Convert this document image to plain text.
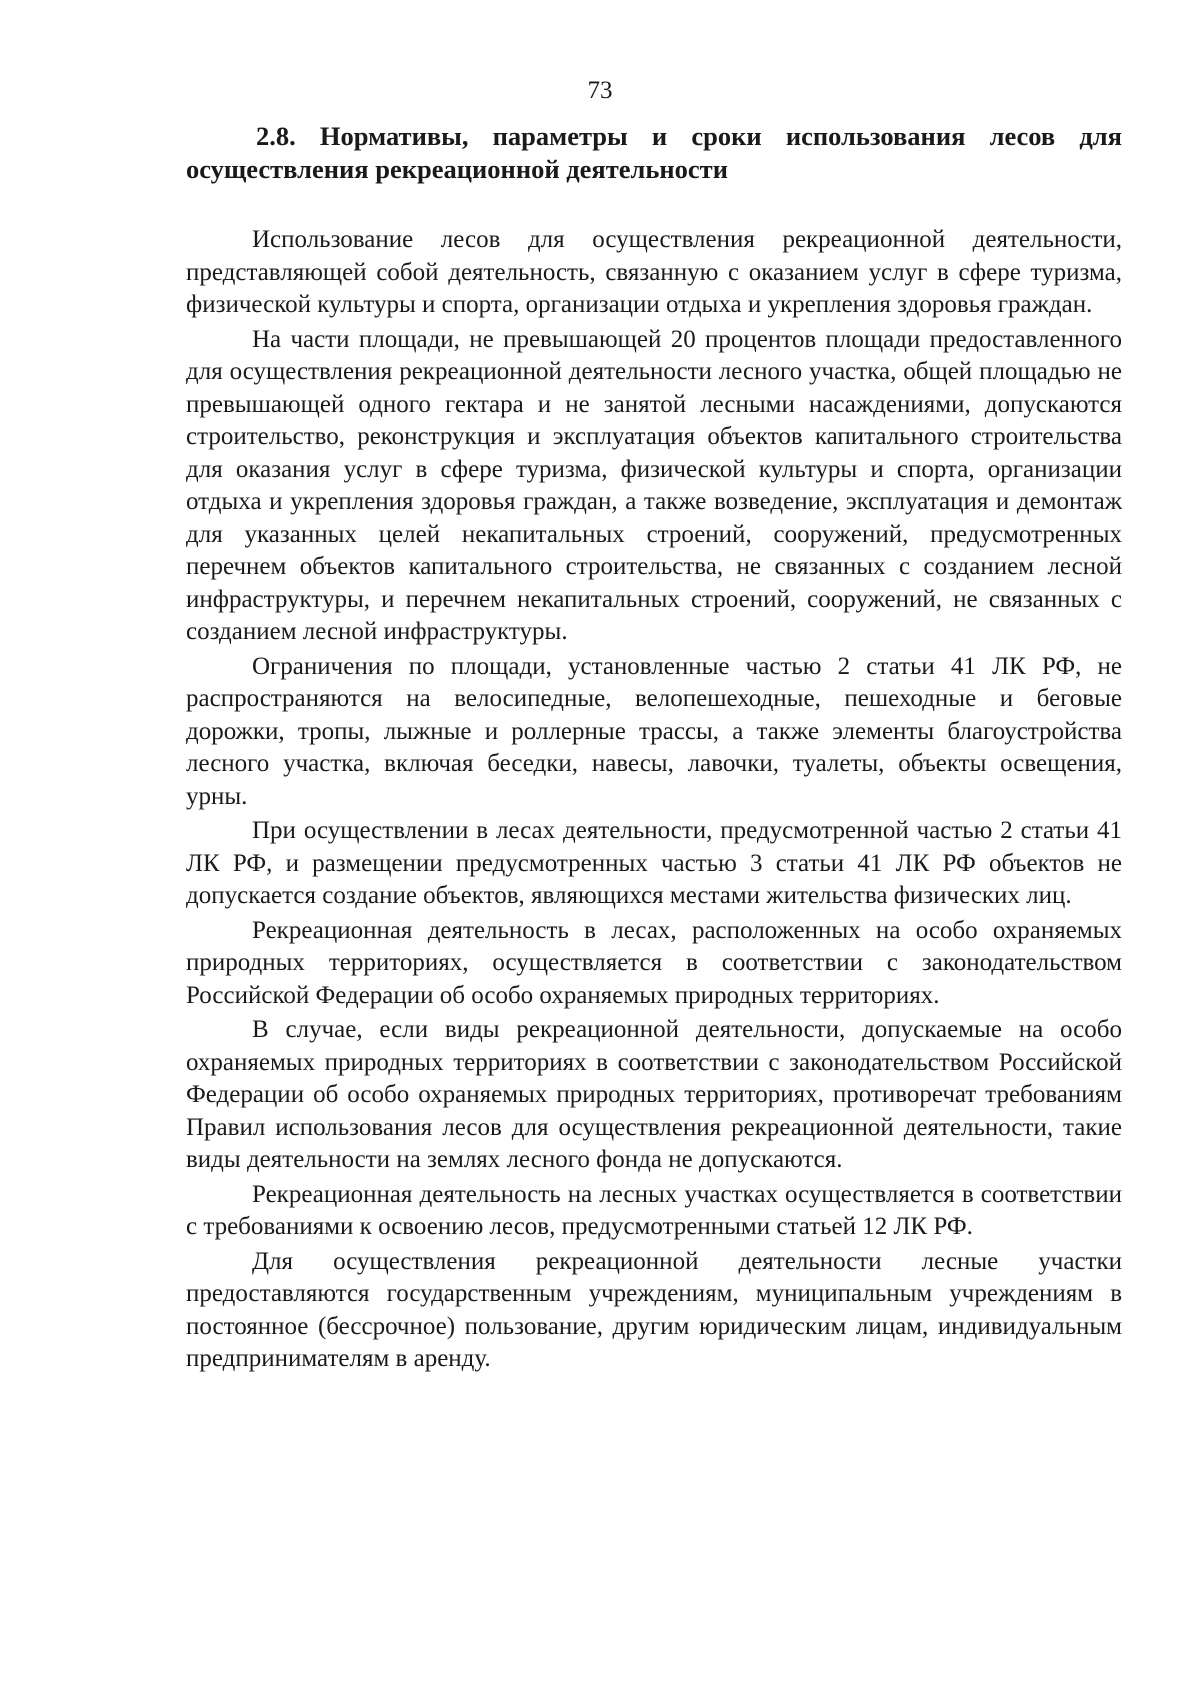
73
2.8. Нормативы, параметры и сроки использования лесов для осуществления рекреационной деятельности

Использование лесов для осуществления рекреационной деятельности, представляющей собой деятельность, связанную с оказанием услуг в сфере туризма, физической культуры и спорта, организации отдыха и укрепления здоровья граждан.

На части площади, не превышающей 20 процентов площади предоставленного для осуществления рекреационной деятельности лесного участка, общей площадью не превышающей одного гектара и не занятой лесными насаждениями, допускаются строительство, реконструкция и эксплуатация объектов капитального строительства для оказания услуг в сфере туризма, физической культуры и спорта, организации отдыха и укрепления здоровья граждан, а также возведение, эксплуатация и демонтаж для указанных целей некапитальных строений, сооружений, предусмотренных перечнем объектов капитального строительства, не связанных с созданием лесной инфраструктуры, и перечнем некапитальных строений, сооружений, не связанных с созданием лесной инфраструктуры.

Ограничения по площади, установленные частью 2 статьи 41 ЛК РФ, не распространяются на велосипедные, велопешеходные, пешеходные и беговые дорожки, тропы, лыжные и роллерные трассы, а также элементы благоустройства лесного участка, включая беседки, навесы, лавочки, туалеты, объекты освещения, урны.

При осуществлении в лесах деятельности, предусмотренной частью 2 статьи 41 ЛК РФ, и размещении предусмотренных частью 3 статьи 41 ЛК РФ объектов не допускается создание объектов, являющихся местами жительства физических лиц.

Рекреационная деятельность в лесах, расположенных на особо охраняемых природных территориях, осуществляется в соответствии с законодательством Российской Федерации об особо охраняемых природных территориях.

В случае, если виды рекреационной деятельности, допускаемые на особо охраняемых природных территориях в соответствии с законодательством Российской Федерации об особо охраняемых природных территориях, противоречат требованиям Правил использования лесов для осуществления рекреационной деятельности, такие виды деятельности на землях лесного фонда не допускаются.

Рекреационная деятельность на лесных участках осуществляется в соответствии с требованиями к освоению лесов, предусмотренными статьей 12 ЛК РФ.

Для осуществления рекреационной деятельности лесные участки предоставляются государственным учреждениям, муниципальным учреждениям в постоянное (бессрочное) пользование, другим юридическим лицам, индивидуальным предпринимателям в аренду.
